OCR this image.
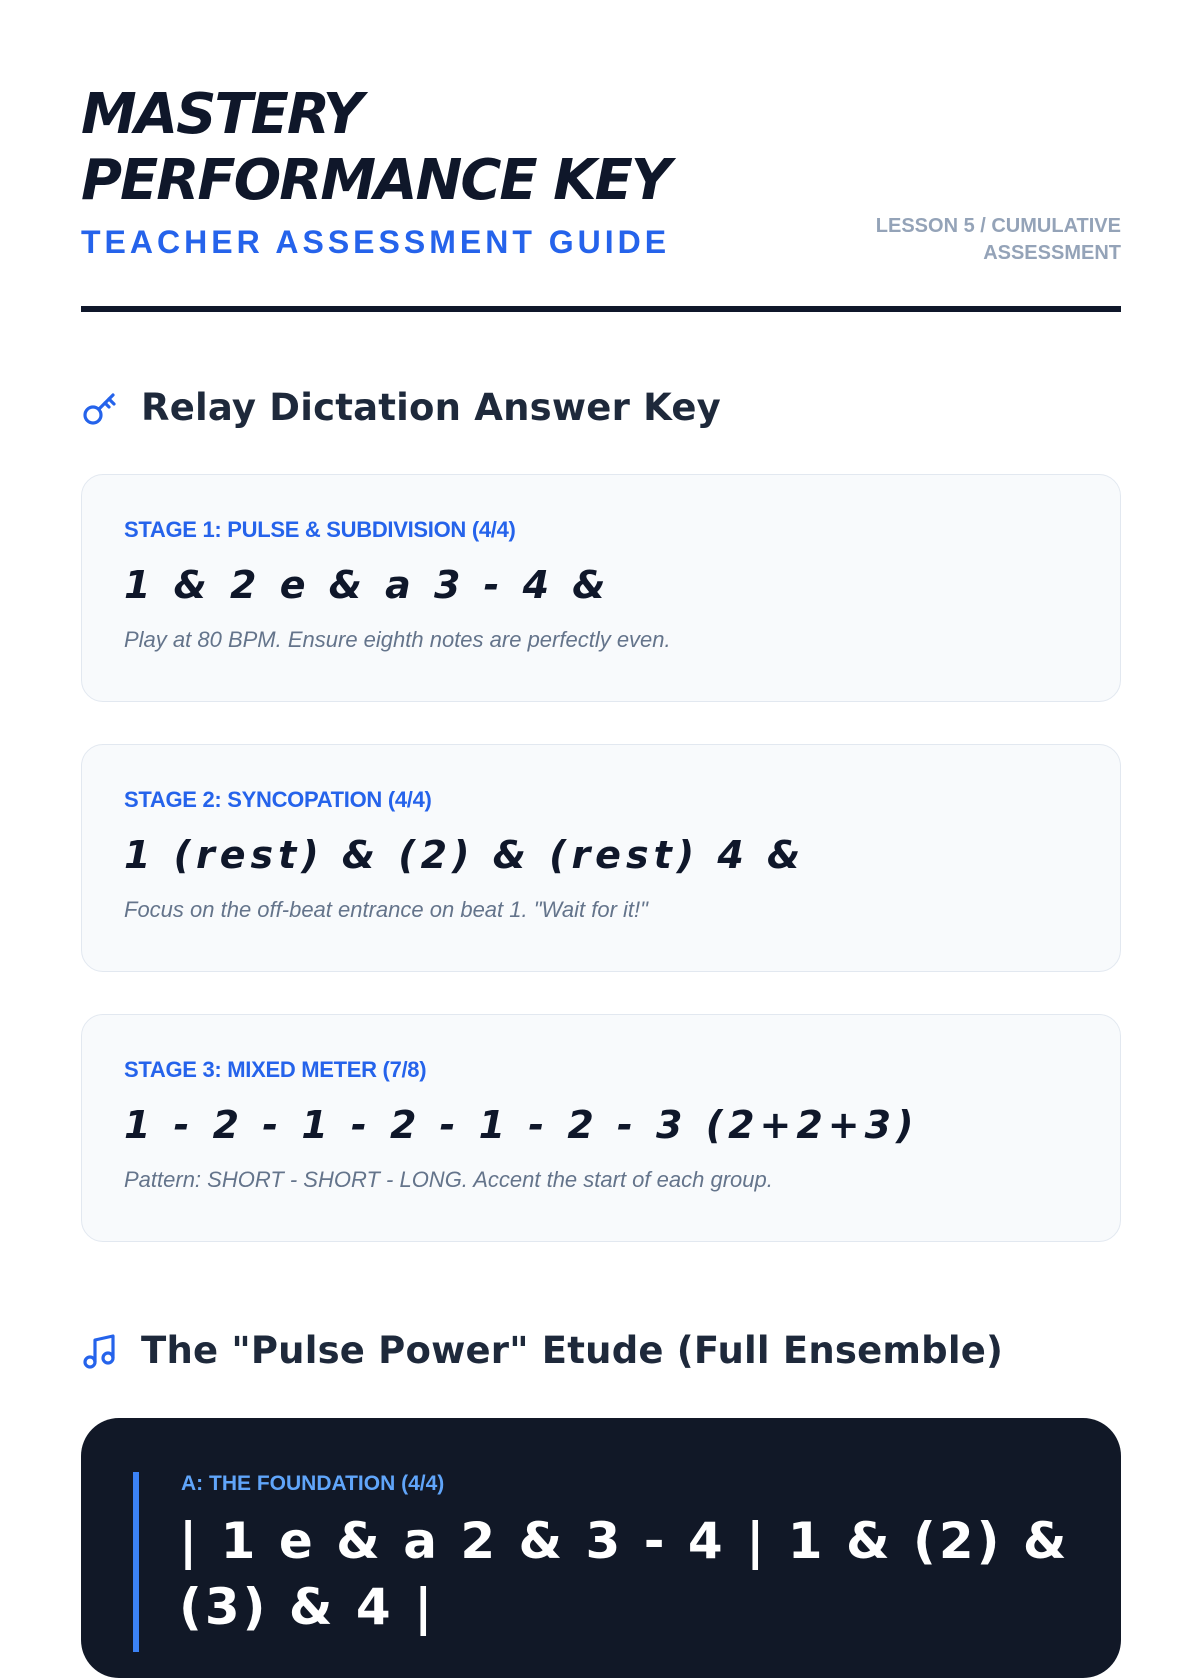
MASTERY
PERFORMANCE KEY
TEACHER ASSESSMENT GUIDE	LESSON 5 / CUMULATIVE
ASSESSMENT
Relay Dictation Answer Key
STAGE 1: PULSE & SUBDIVISION (4/4)
1 & 2 e & a 3 - 4 &
Play at 80 BPM. Ensure eighth notes are perfectly even.
STAGE 2: SYNCOPATION (4/4)
1 (rest) & (2) & (rest) 4 &
Focus on the off-beat entrance on beat 1. "Wait for it!"
STAGE 3: MIXED METER (7/8)
1 - 2 - 1 - 2 - 1 - 2 - 3 (2+2+3)
Pattern: SHORT - SHORT - LONG. Accent the start of each group.
The "Pulse Power" Etude (Full Ensemble)
A: THE FOUNDATION (4/4)
| 1 e & a 2 & 3 - 4 | 1 & (2) & (3) & 4 |
